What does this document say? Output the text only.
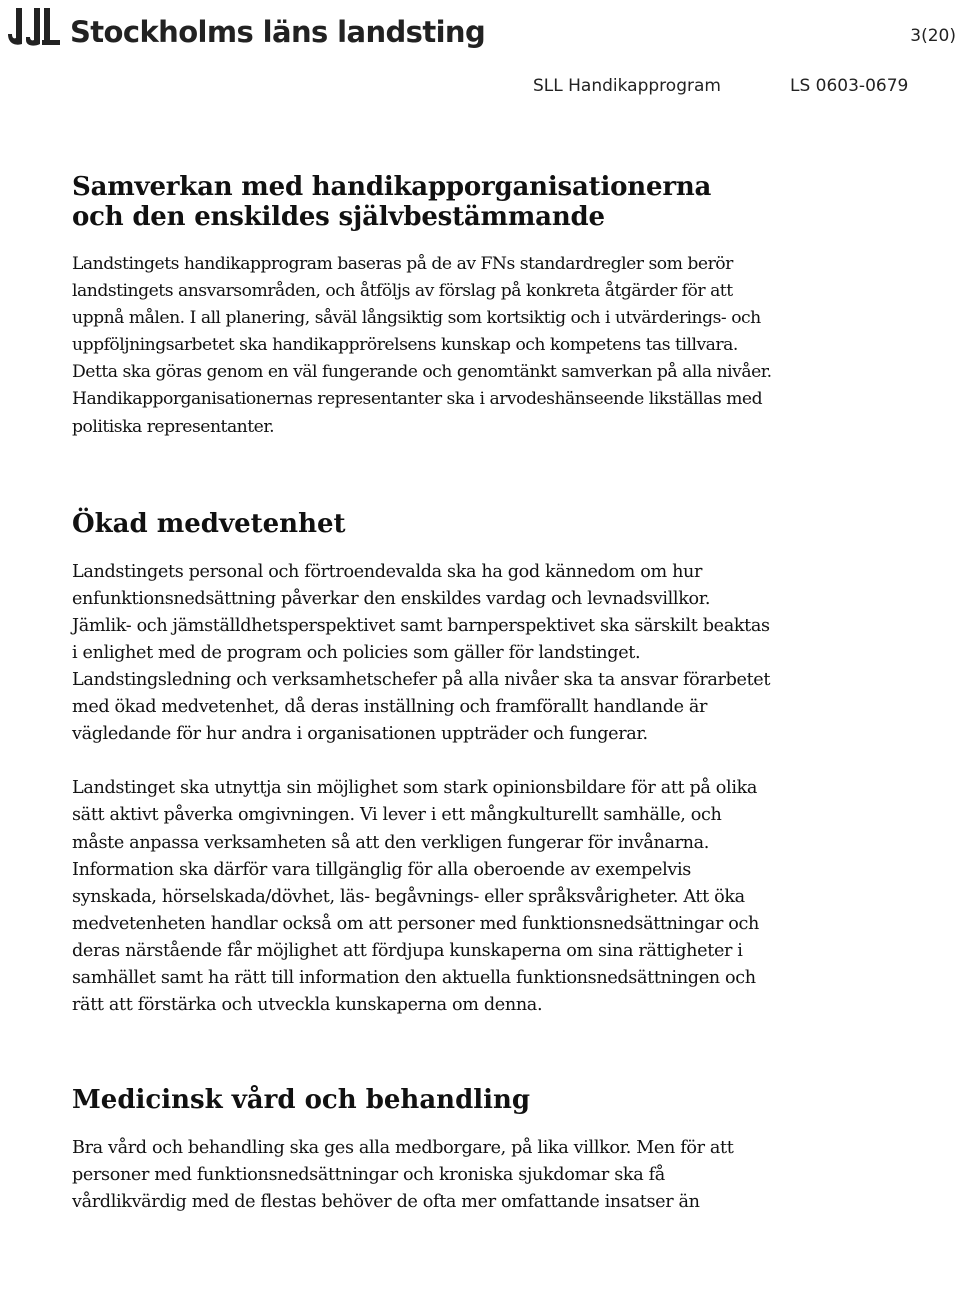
Stockholms läns landsting	3(20)
SLL Handikapprogram	LS 0603-0679
Samverkan med handikapporganisationerna
och den enskildes självbestämmande

Landstingets handikapprogram baseras på de av FNs standardregler som berör landstingets ansvarsområden, och åtföljs av förslag på konkreta åtgärder för att uppnå målen. I all planering, såväl långsiktig som kortsiktig och i utvärderings- och uppföljningsarbetet ska handikapprörelsens kunskap och kompetens tas tillvara. Detta ska göras genom en väl fungerande och genomtänkt samverkan på alla nivåer. Handikapporganisationernas representanter ska i arvodeshänseende likställas med politiska representanter.

Ökad medvetenhet

Landstingets personal och förtroendevalda ska ha god kännedom om hur enfunktionsnedsättning påverkar den enskildes vardag och levnadsvillkor. Jämlik- och jämställdhetsperspektivet samt barnperspektivet ska särskilt beaktas i enlighet med de program och policies som gäller för landstinget. Landstingsledning och verksamhetschefer på alla nivåer ska ta ansvar förarbetet med ökad medvetenhet, då deras inställning och framförallt handlande är vägledande för hur andra i organisationen uppträder och fungerar.

Landstinget ska utnyttja sin möjlighet som stark opinionsbildare för att på olika sätt aktivt påverka omgivningen. Vi lever i ett mångkulturellt samhälle, och måste anpassa verksamheten så att den verkligen fungerar för invånarna. Information ska därför vara tillgänglig för alla oberoende av exempelvis synskada, hörselskada/dövhet, läs- begåvnings- eller språksvårigheter. Att öka medvetenheten handlar också om att personer med funktionsnedsättningar och deras närstående får möjlighet att fördjupa kunskaperna om sina rättigheter i samhället samt ha rätt till information den aktuella funktionsnedsättningen och rätt att förstärka och utveckla kunskaperna om denna.

Medicinsk vård och behandling

Bra vård och behandling ska ges alla medborgare, på lika villkor. Men för att personer med funktionsnedsättningar och kroniska sjukdomar ska få vårdlikvärdig med de flestas behöver de ofta mer omfattande insatser än
